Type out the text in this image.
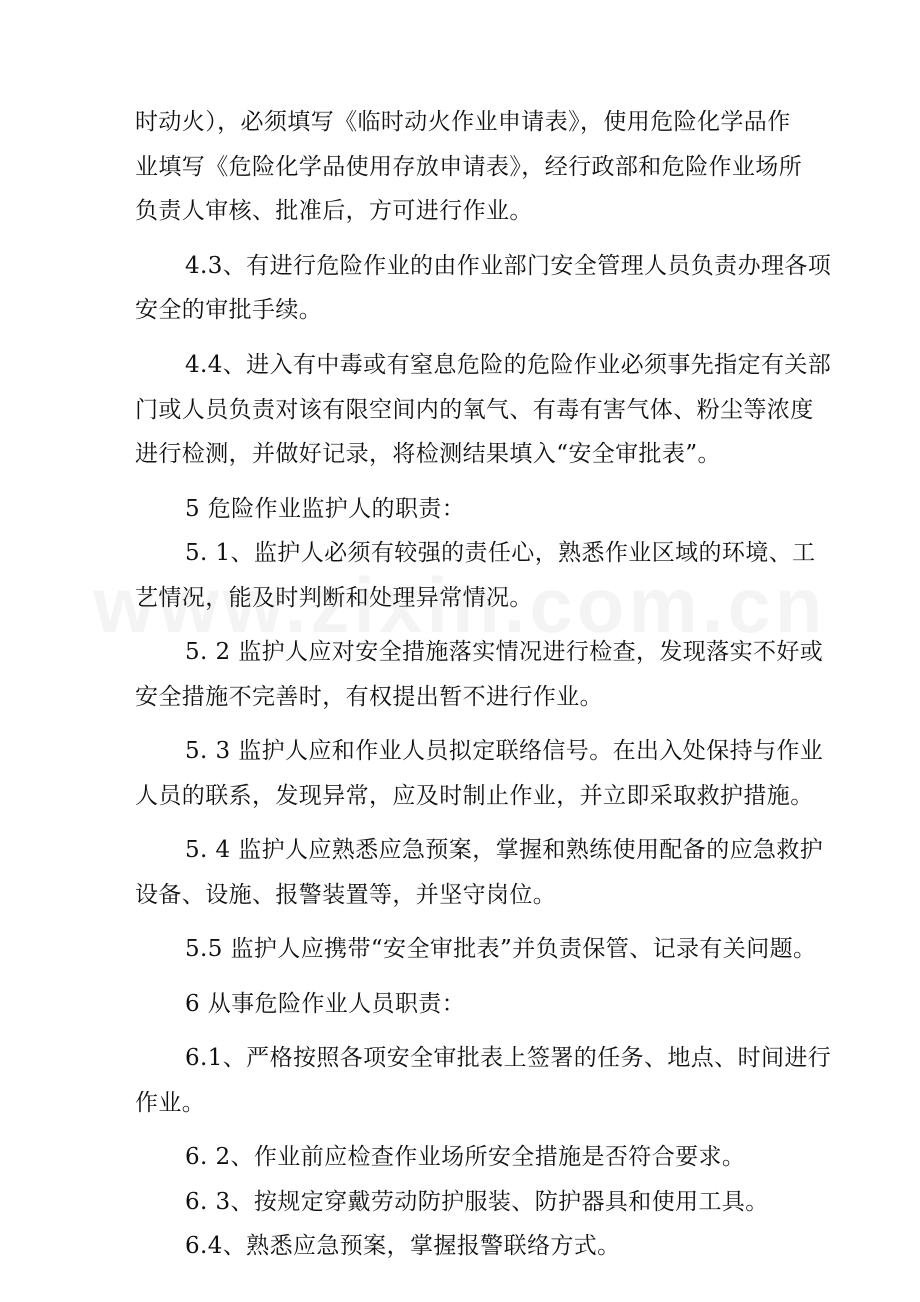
时动火），必须填写《临时动火作业申请表》，使用危险化学品作
业填写《危险化学品使用存放申请表》，经行政部和危险作业场所
负责人审核、批准后，方可进行作业。
4.3、有进行危险作业的由作业部门安全管理人员负责办理各项
安全的审批手续。
4.4、进入有中毒或有窒息危险的危险作业必须事先指定有关部
门或人员负责对该有限空间内的氧气、有毒有害气体、粉尘等浓度
进行检测，并做好记录，将检测结果填入“安全审批表”。
5 危险作业监护人的职责：
5. 1、监护人必须有较强的责任心，熟悉作业区域的环境、工
艺情况，能及时判断和处理异常情况。
5. 2 监护人应对安全措施落实情况进行检查，发现落实不好或
安全措施不完善时，有权提出暂不进行作业。
5. 3 监护人应和作业人员拟定联络信号。在出入处保持与作业
人员的联系，发现异常，应及时制止作业，并立即采取救护措施。
5. 4 监护人应熟悉应急预案，掌握和熟练使用配备的应急救护
设备、设施、报警装置等，并坚守岗位。
5.5 监护人应携带“安全审批表”并负责保管、记录有关问题。
6 从事危险作业人员职责：
6.1、严格按照各项安全审批表上签署的任务、地点、时间进行
作业。
6. 2、作业前应检查作业场所安全措施是否符合要求。
6. 3、按规定穿戴劳动防护服装、防护器具和使用工具。
6.4、熟悉应急预案，掌握报警联络方式。
